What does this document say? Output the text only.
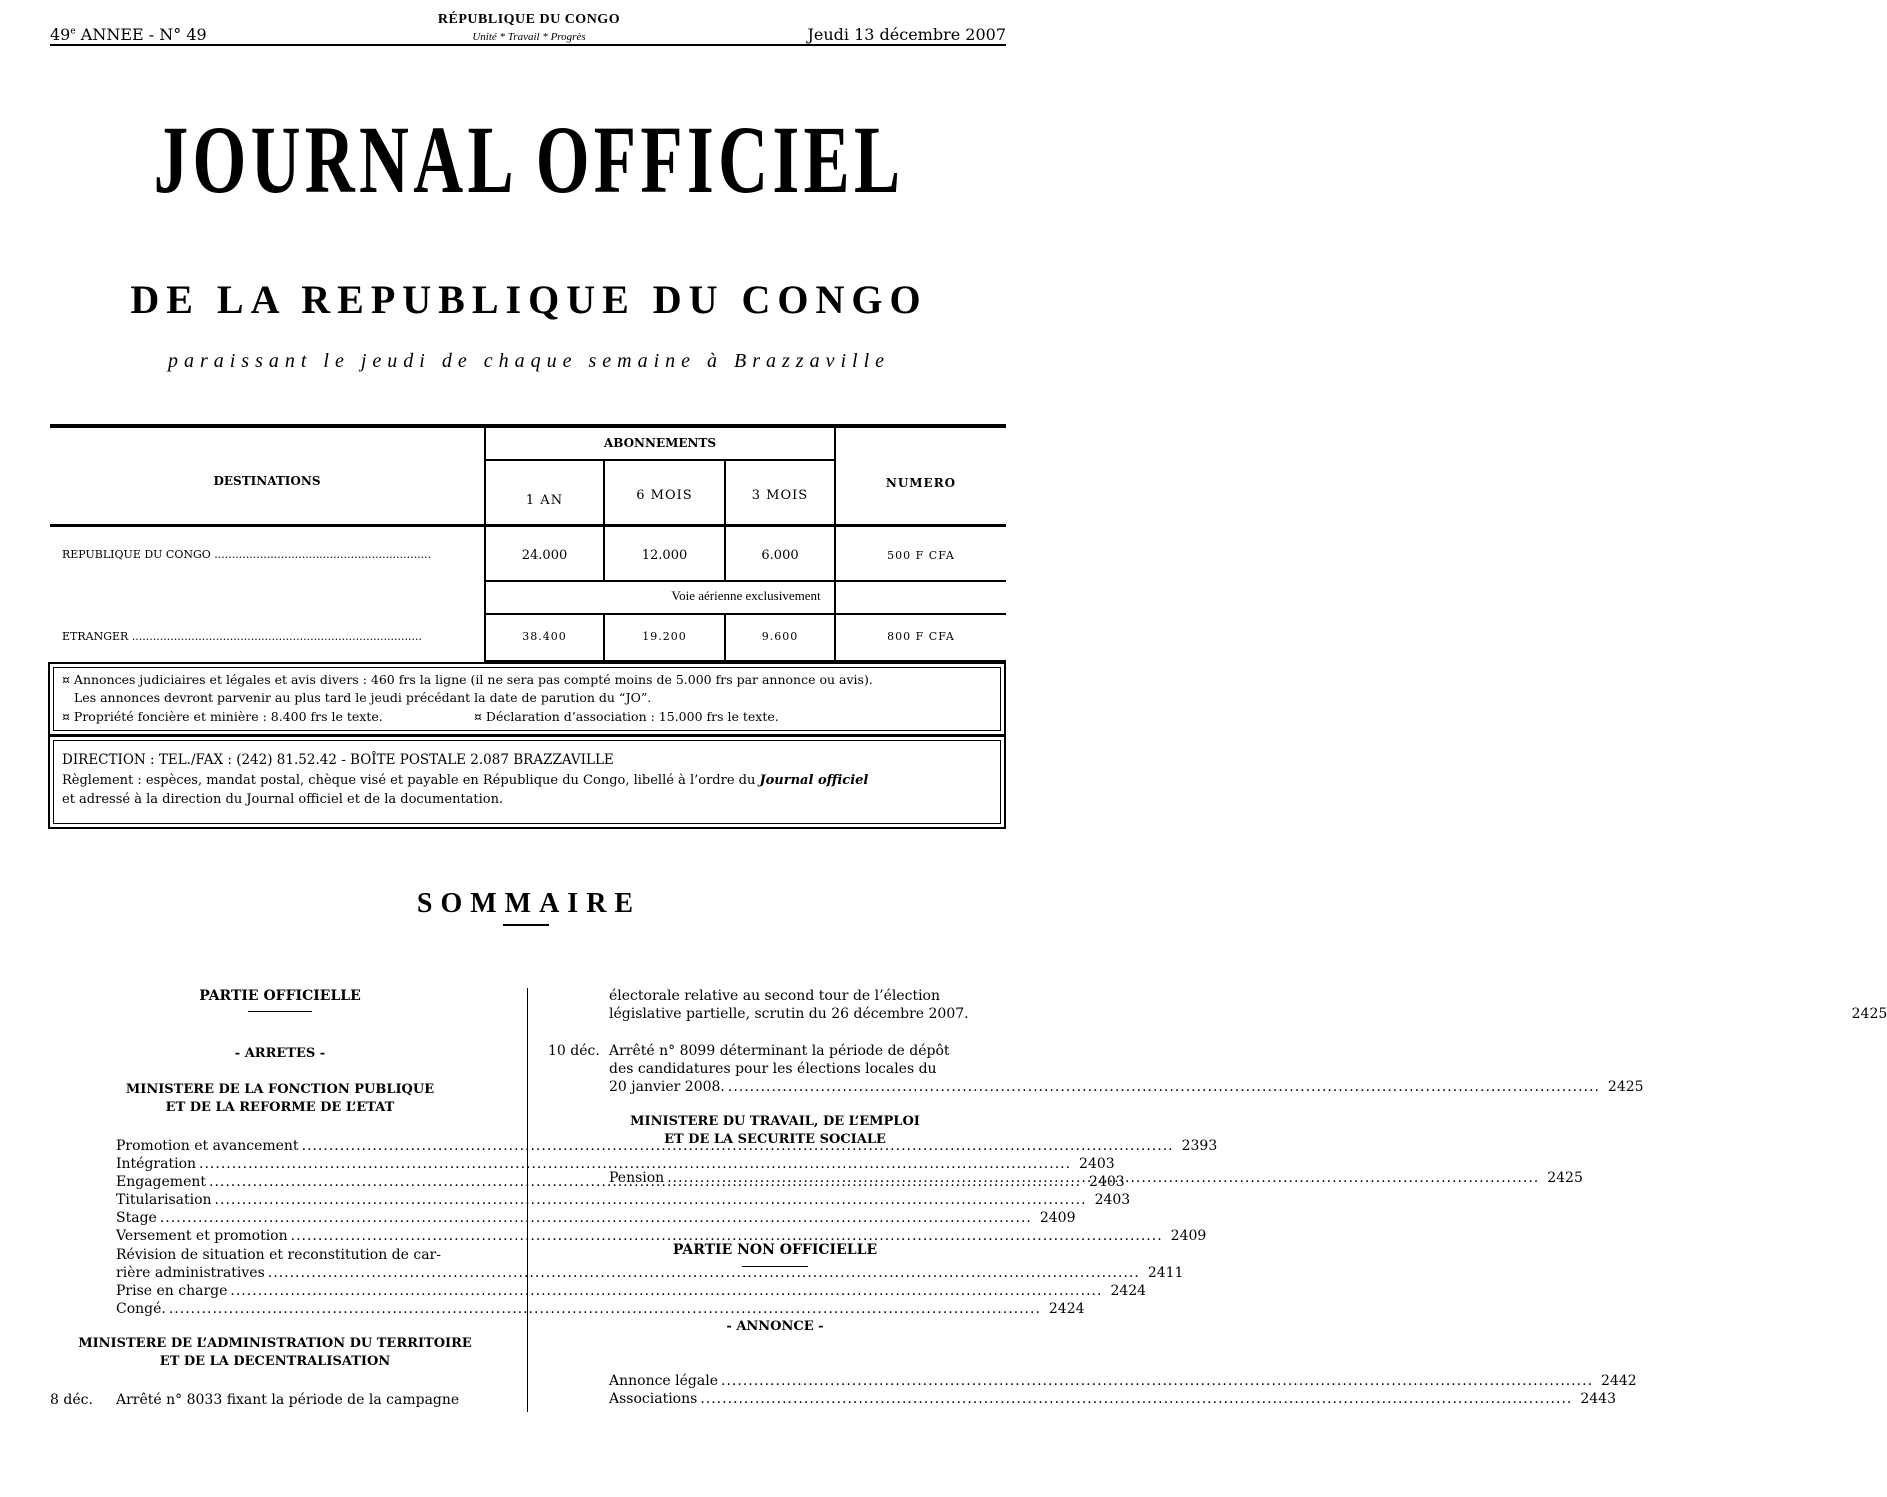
49e ANNEE - N° 49
RÉPUBLIQUE DU CONGO
Unité * Travail * Progrès	Jeudi 13 décembre 2007
JOURNAL OFFICIEL
DE LA REPUBLIQUE DU CONGO
paraissant le jeudi de chaque semaine à Brazzaville
DESTINATIONS
ABONNEMENTS
NUMERO
1 AN	6 MOIS	3 MOIS
REPUBLIQUE DU CONGO ..............................................................	24.000	12.000	6.000	500 F CFA
Voie aérienne exclusivement
ETRANGER ...................................................................................	38.400	19.200	9.600	800 F CFA
¤ Annonces judiciaires et légales et avis divers : 460 frs la ligne (il ne sera pas compté moins de 5.000 frs par annonce ou avis).
Les annonces devront parvenir au plus tard le jeudi précédant la date de parution du “JO”.
¤ Propriété foncière et minière : 8.400 frs le texte.	¤ Déclaration d’association : 15.000 frs le texte.
DIRECTION : TEL./FAX : (242) 81.52.42 - BOÎTE POSTALE 2.087 BRAZZAVILLE
Règlement : espèces, mandat postal, chèque visé et payable en République du Congo, libellé à l’ordre du Journal officiel
et adressé à la direction du Journal officiel et de la documentation.
SOMMAIRE
PARTIE OFFICIELLE
- ARRETES -
MINISTERE DE LA FONCTION PUBLIQUE
ET DE LA REFORME DE L’ETAT
Promotion et avancement .....	2393
Intégration .....	2403
Engagement .....	2403
Titularisation .....	2403
Stage .....	2409
Versement et promotion .....	2409
Révision de situation et reconstitution de car-
rière administratives .....	2411
Prise en charge .....	2424
Congé. .....	2424
MINISTERE DE L’ADMINISTRATION DU TERRITOIRE
ET DE LA DECENTRALISATION
8 déc. Arrêté n° 8033 fixant la période de la campagne
électorale relative au second tour de l’élection
législative partielle, scrutin du 26 décembre 2007.	2425
10 déc. Arrêté n° 8099 déterminant la période de dépôt
des candidatures pour les élections locales du
20 janvier 2008. .....	2425
MINISTERE DU TRAVAIL, DE L’EMPLOI
ET DE LA SECURITE SOCIALE
Pension .....	2425
PARTIE NON OFFICIELLE
- ANNONCE -
Annonce légale .....	2442
Associations .....	2443
